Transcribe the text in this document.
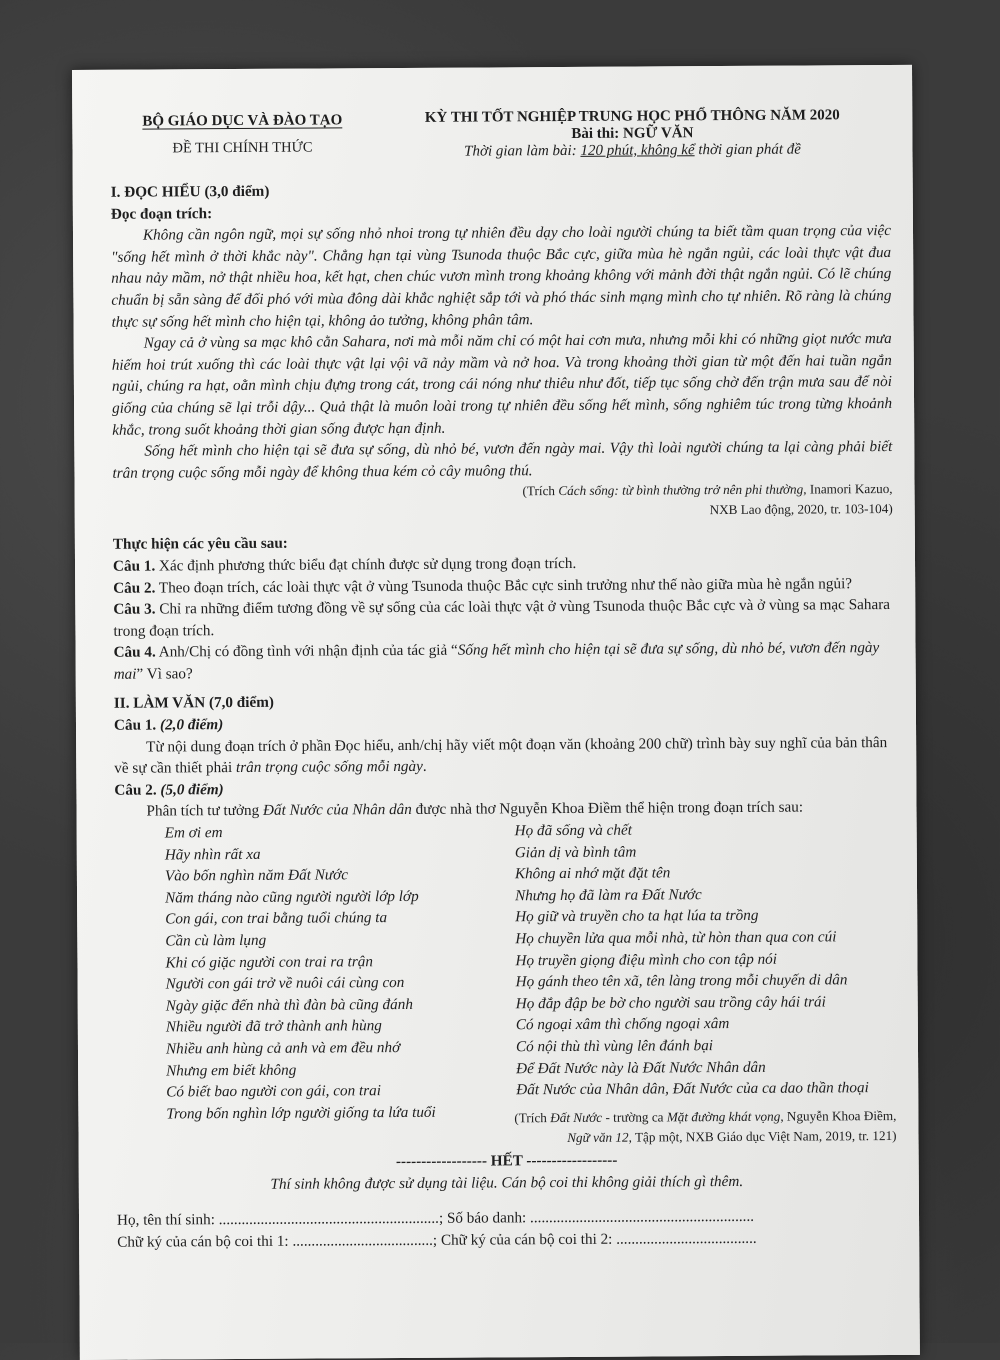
BỘ GIÁO DỤC VÀ ĐÀO TẠO
ĐỀ THI CHÍNH THỨC
KỲ THI TỐT NGHIỆP TRUNG HỌC PHỔ THÔNG NĂM 2020
Bài thi: NGỮ VĂN
Thời gian làm bài: 120 phút, không kể thời gian phát đề
I. ĐỌC HIỂU (3,0 điểm)
Đọc đoạn trích:
Không cần ngôn ngữ, mọi sự sống nhỏ nhoi trong tự nhiên đều dạy cho loài người chúng ta biết tầm quan trọng của việc "sống hết mình ở thời khắc này". Chẳng hạn tại vùng Tsunoda thuộc Bắc cực, giữa mùa hè ngắn ngủi, các loài thực vật đua nhau nảy mầm, nở thật nhiều hoa, kết hạt, chen chúc vươn mình trong khoảng không với mảnh đời thật ngắn ngủi. Có lẽ chúng chuẩn bị sẵn sàng để đối phó với mùa đông dài khắc nghiệt sắp tới và phó thác sinh mạng mình cho tự nhiên. Rõ ràng là chúng thực sự sống hết mình cho hiện tại, không ảo tưởng, không phân tâm.
Ngay cả ở vùng sa mạc khô cằn Sahara, nơi mà mỗi năm chỉ có một hai cơn mưa, nhưng mỗi khi có những giọt nước mưa hiếm hoi trút xuống thì các loài thực vật lại vội vã nảy mầm và nở hoa. Và trong khoảng thời gian từ một đến hai tuần ngắn ngủi, chúng ra hạt, oằn mình chịu đựng trong cát, trong cái nóng như thiêu như đốt, tiếp tục sống chờ đến trận mưa sau để nòi giống của chúng sẽ lại trỗi dậy... Quả thật là muôn loài trong tự nhiên đều sống hết mình, sống nghiêm túc trong từng khoảnh khắc, trong suốt khoảng thời gian sống được hạn định.
Sống hết mình cho hiện tại sẽ đưa sự sống, dù nhỏ bé, vươn đến ngày mai. Vậy thì loài người chúng ta lại càng phải biết trân trọng cuộc sống mỗi ngày để không thua kém cỏ cây muông thú.
(Trích Cách sống: từ bình thường trở nên phi thường, Inamori Kazuo,
NXB Lao động, 2020, tr. 103-104)
Thực hiện các yêu cầu sau:
Câu 1. Xác định phương thức biểu đạt chính được sử dụng trong đoạn trích.
Câu 2. Theo đoạn trích, các loài thực vật ở vùng Tsunoda thuộc Bắc cực sinh trưởng như thế nào giữa mùa hè ngắn ngủi?
Câu 3. Chỉ ra những điểm tương đồng về sự sống của các loài thực vật ở vùng Tsunoda thuộc Bắc cực và ở vùng sa mạc Sahara trong đoạn trích.
Câu 4. Anh/Chị có đồng tình với nhận định của tác giả “Sống hết mình cho hiện tại sẽ đưa sự sống, dù nhỏ bé, vươn đến ngày mai” Vì sao?
II. LÀM VĂN (7,0 điểm)
Câu 1. (2,0 điểm)
Từ nội dung đoạn trích ở phần Đọc hiểu, anh/chị hãy viết một đoạn văn (khoảng 200 chữ) trình bày suy nghĩ của bản thân về sự cần thiết phải trân trọng cuộc sống mỗi ngày.
Câu 2. (5,0 điểm)
Phân tích tư tưởng Đất Nước của Nhân dân được nhà thơ Nguyễn Khoa Điềm thể hiện trong đoạn trích sau:
Em ơi em
Hãy nhìn rất xa
Vào bốn nghìn năm Đất Nước
Năm tháng nào cũng người người lớp lớp
Con gái, con trai bằng tuổi chúng ta
Cần cù làm lụng
Khi có giặc người con trai ra trận
Người con gái trở về nuôi cái cùng con
Ngày giặc đến nhà thì đàn bà cũng đánh
Nhiều người đã trở thành anh hùng
Nhiều anh hùng cả anh và em đều nhớ
Nhưng em biết không
Có biết bao người con gái, con trai
Trong bốn nghìn lớp người giống ta lứa tuổi
Họ đã sống và chết
Giản dị và bình tâm
Không ai nhớ mặt đặt tên
Nhưng họ đã làm ra Đất Nước
Họ giữ và truyền cho ta hạt lúa ta trồng
Họ chuyền lửa qua mỗi nhà, từ hòn than qua con cúi
Họ truyền giọng điệu mình cho con tập nói
Họ gánh theo tên xã, tên làng trong mỗi chuyến di dân
Họ đắp đập be bờ cho người sau trồng cây hái trái
Có ngoại xâm thì chống ngoại xâm
Có nội thù thì vùng lên đánh bại
Để Đất Nước này là Đất Nước Nhân dân
Đất Nước của Nhân dân, Đất Nước của ca dao thần thoại
(Trích Đất Nước - trường ca Mặt đường khát vọng, Nguyễn Khoa Điềm,
Ngữ văn 12, Tập một, NXB Giáo dục Việt Nam, 2019, tr. 121)
------------------ HẾT ------------------
Thí sinh không được sử dụng tài liệu. Cán bộ coi thi không giải thích gì thêm.
Họ, tên thí sinh: ..........................................................; Số báo danh: ...........................................................
Chữ ký của cán bộ coi thi 1: .....................................; Chữ ký của cán bộ coi thi 2: .....................................
